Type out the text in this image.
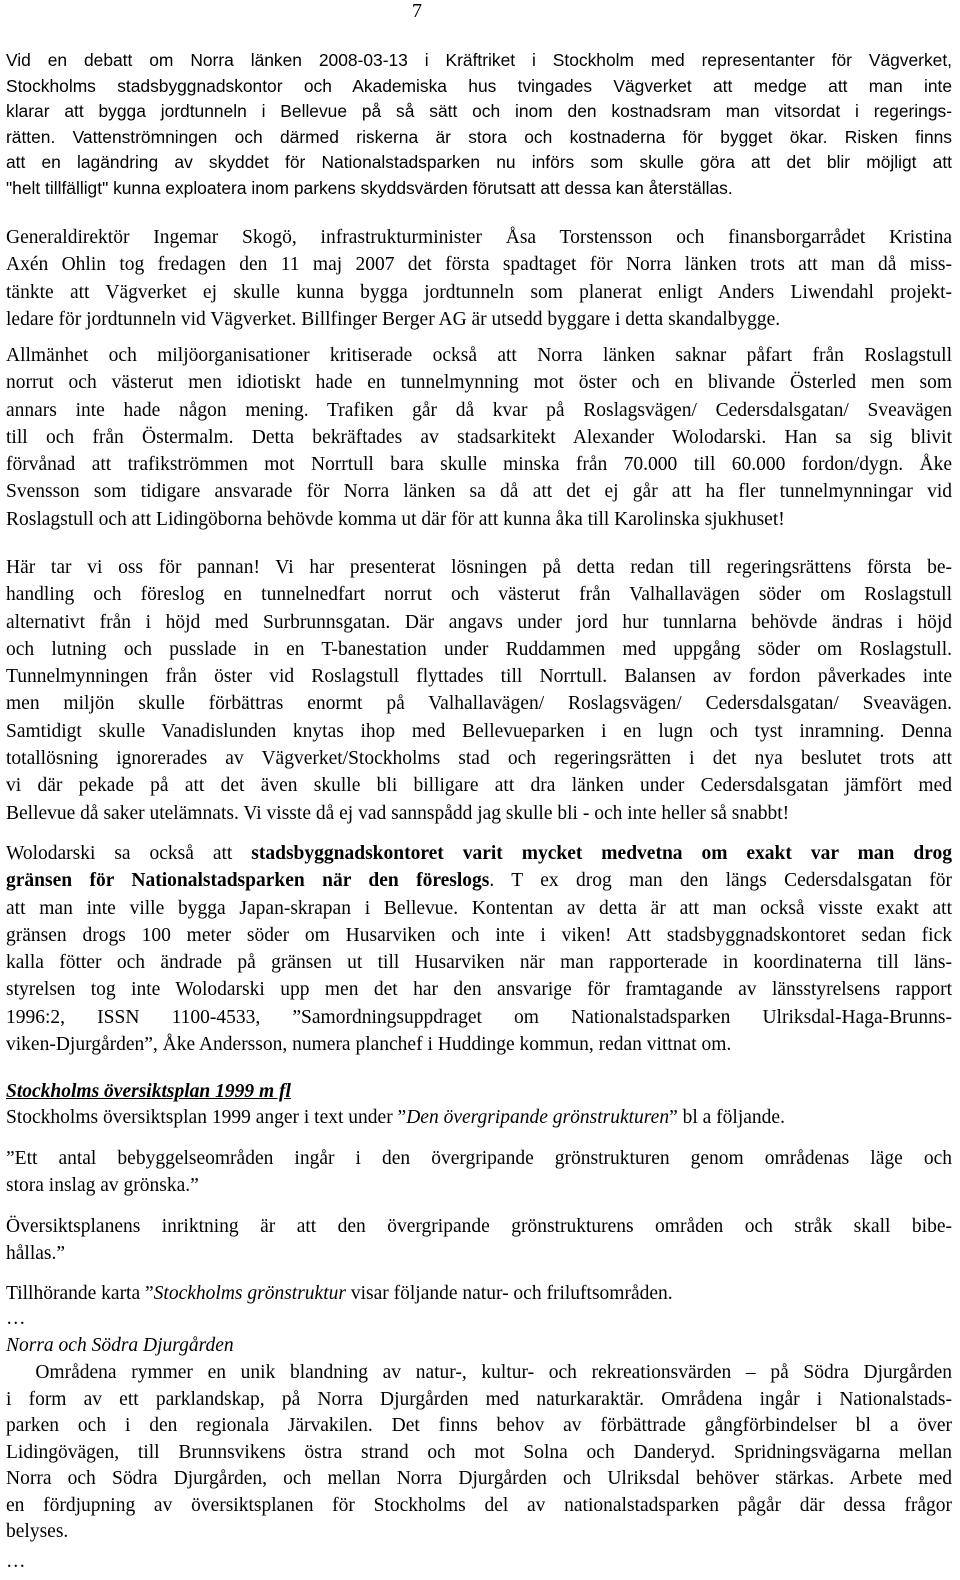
7
Vid en debatt om Norra länken 2008-03-13 i Kräftriket i Stockholm med representanter för Vägverket,
Stockholms stadsbyggnadskontor och Akademiska hus tvingades Vägverket att medge att man inte
klarar att bygga jordtunneln i Bellevue på så sätt och inom den kostnadsram man vitsordat i regerings-
rätten. Vattenströmningen och därmed riskerna är stora och kostnaderna för bygget ökar. Risken finns
att en lagändring av skyddet för Nationalstadsparken nu införs som skulle göra att det blir möjligt att
"helt tillfälligt" kunna exploatera inom parkens skyddsvärden förutsatt att dessa kan återställas.
Generaldirektör Ingemar Skogö, infrastrukturminister Åsa Torstensson och finansborgarrådet Kristina
Axén Ohlin tog fredagen den 11 maj 2007 det första spadtaget för Norra länken trots att man då miss-
tänkte att Vägverket ej skulle kunna bygga jordtunneln som planerat enligt Anders Liwendahl projekt-
ledare för jordtunneln vid Vägverket. Billfinger Berger AG är utsedd byggare i detta skandalbygge.
Allmänhet och miljöorganisationer kritiserade också att Norra länken saknar påfart från Roslagstull
norrut och västerut men idiotiskt hade en tunnelmynning mot öster och en blivande Österled men som
annars inte hade någon mening. Trafiken går då kvar på Roslagsvägen/ Cedersdalsgatan/ Sveavägen
till och från Östermalm. Detta bekräftades av stadsarkitekt Alexander Wolodarski. Han sa sig blivit
förvånad att trafikströmmen mot Norrtull bara skulle minska från 70.000 till 60.000 fordon/dygn. Åke
Svensson som tidigare ansvarade för Norra länken sa då att det ej går att ha fler tunnelmynningar vid
Roslagstull och att Lidingöborna behövde komma ut där för att kunna åka till Karolinska sjukhuset!
Här tar vi oss för pannan! Vi har presenterat lösningen på detta redan till regeringsrättens första be-
handling och föreslog en tunnelnedfart norrut och västerut från Valhallavägen söder om Roslagstull
alternativt från i höjd med Surbrunnsgatan. Där angavs under jord hur tunnlarna behövde ändras i höjd
och lutning och pusslade in en T-banestation under Ruddammen med uppgång söder om Roslagstull.
Tunnelmynningen från öster vid Roslagstull flyttades till Norrtull. Balansen av fordon påverkades inte
men miljön skulle förbättras enormt på Valhallavägen/ Roslagsvägen/ Cedersdalsgatan/ Sveavägen.
Samtidigt skulle Vanadislunden knytas ihop med Bellevueparken i en lugn och tyst inramning. Denna
totallösning ignorerades av Vägverket/Stockholms stad och regeringsrätten i det nya beslutet trots att
vi där pekade på att det även skulle bli billigare att dra länken under Cedersdalsgatan jämfört med
Bellevue då saker utelämnats. Vi visste då ej vad sannspådd jag skulle bli - och inte heller så snabbt!
Wolodarski sa också att stadsbyggnadskontoret varit mycket medvetna om exakt var man drog
gränsen för Nationalstadsparken när den föreslogs. T ex drog man den längs Cedersdalsgatan för
att man inte ville bygga Japan-skrapan i Bellevue. Kontentan av detta är att man också visste exakt att
gränsen drogs 100 meter söder om Husarviken och inte i viken! Att stadsbyggnadskontoret sedan fick
kalla fötter och ändrade på gränsen ut till Husarviken när man rapporterade in koordinaterna till läns-
styrelsen tog inte Wolodarski upp men det har den ansvarige för framtagande av länsstyrelsens rapport
1996:2, ISSN 1100-4533, ”Samordningsuppdraget om Nationalstadsparken Ulriksdal-Haga-Brunns-
viken-Djurgården”, Åke Andersson, numera planchef i Huddinge kommun, redan vittnat om.
Stockholms översiktsplan 1999 m fl
Stockholms översiktsplan 1999 anger i text under ”Den övergripande grönstrukturen” bl a följande.
”Ett antal bebyggelseområden ingår i den övergripande grönstrukturen genom områdenas läge och
stora inslag av grönska.”
Översiktsplanens inriktning är att den övergripande grönstrukturens områden och stråk skall bibe-
hållas.”
Tillhörande karta ”Stockholms grönstruktur visar följande natur- och friluftsområden.
…
Norra och Södra Djurgården
Områdena rymmer en unik blandning av natur-, kultur- och rekreationsvärden – på Södra Djurgården
i form av ett parklandskap, på Norra Djurgården med naturkaraktär. Områdena ingår i Nationalstads-
parken och i den regionala Järvakilen. Det finns behov av förbättrade gångförbindelser bl a över
Lidingövägen, till Brunnsvikens östra strand och mot Solna och Danderyd. Spridningsvägarna mellan
Norra och Södra Djurgården, och mellan Norra Djurgården och Ulriksdal behöver stärkas. Arbete med
en fördjupning av översiktsplanen för Stockholms del av nationalstadsparken pågår där dessa frågor
belyses.
…
